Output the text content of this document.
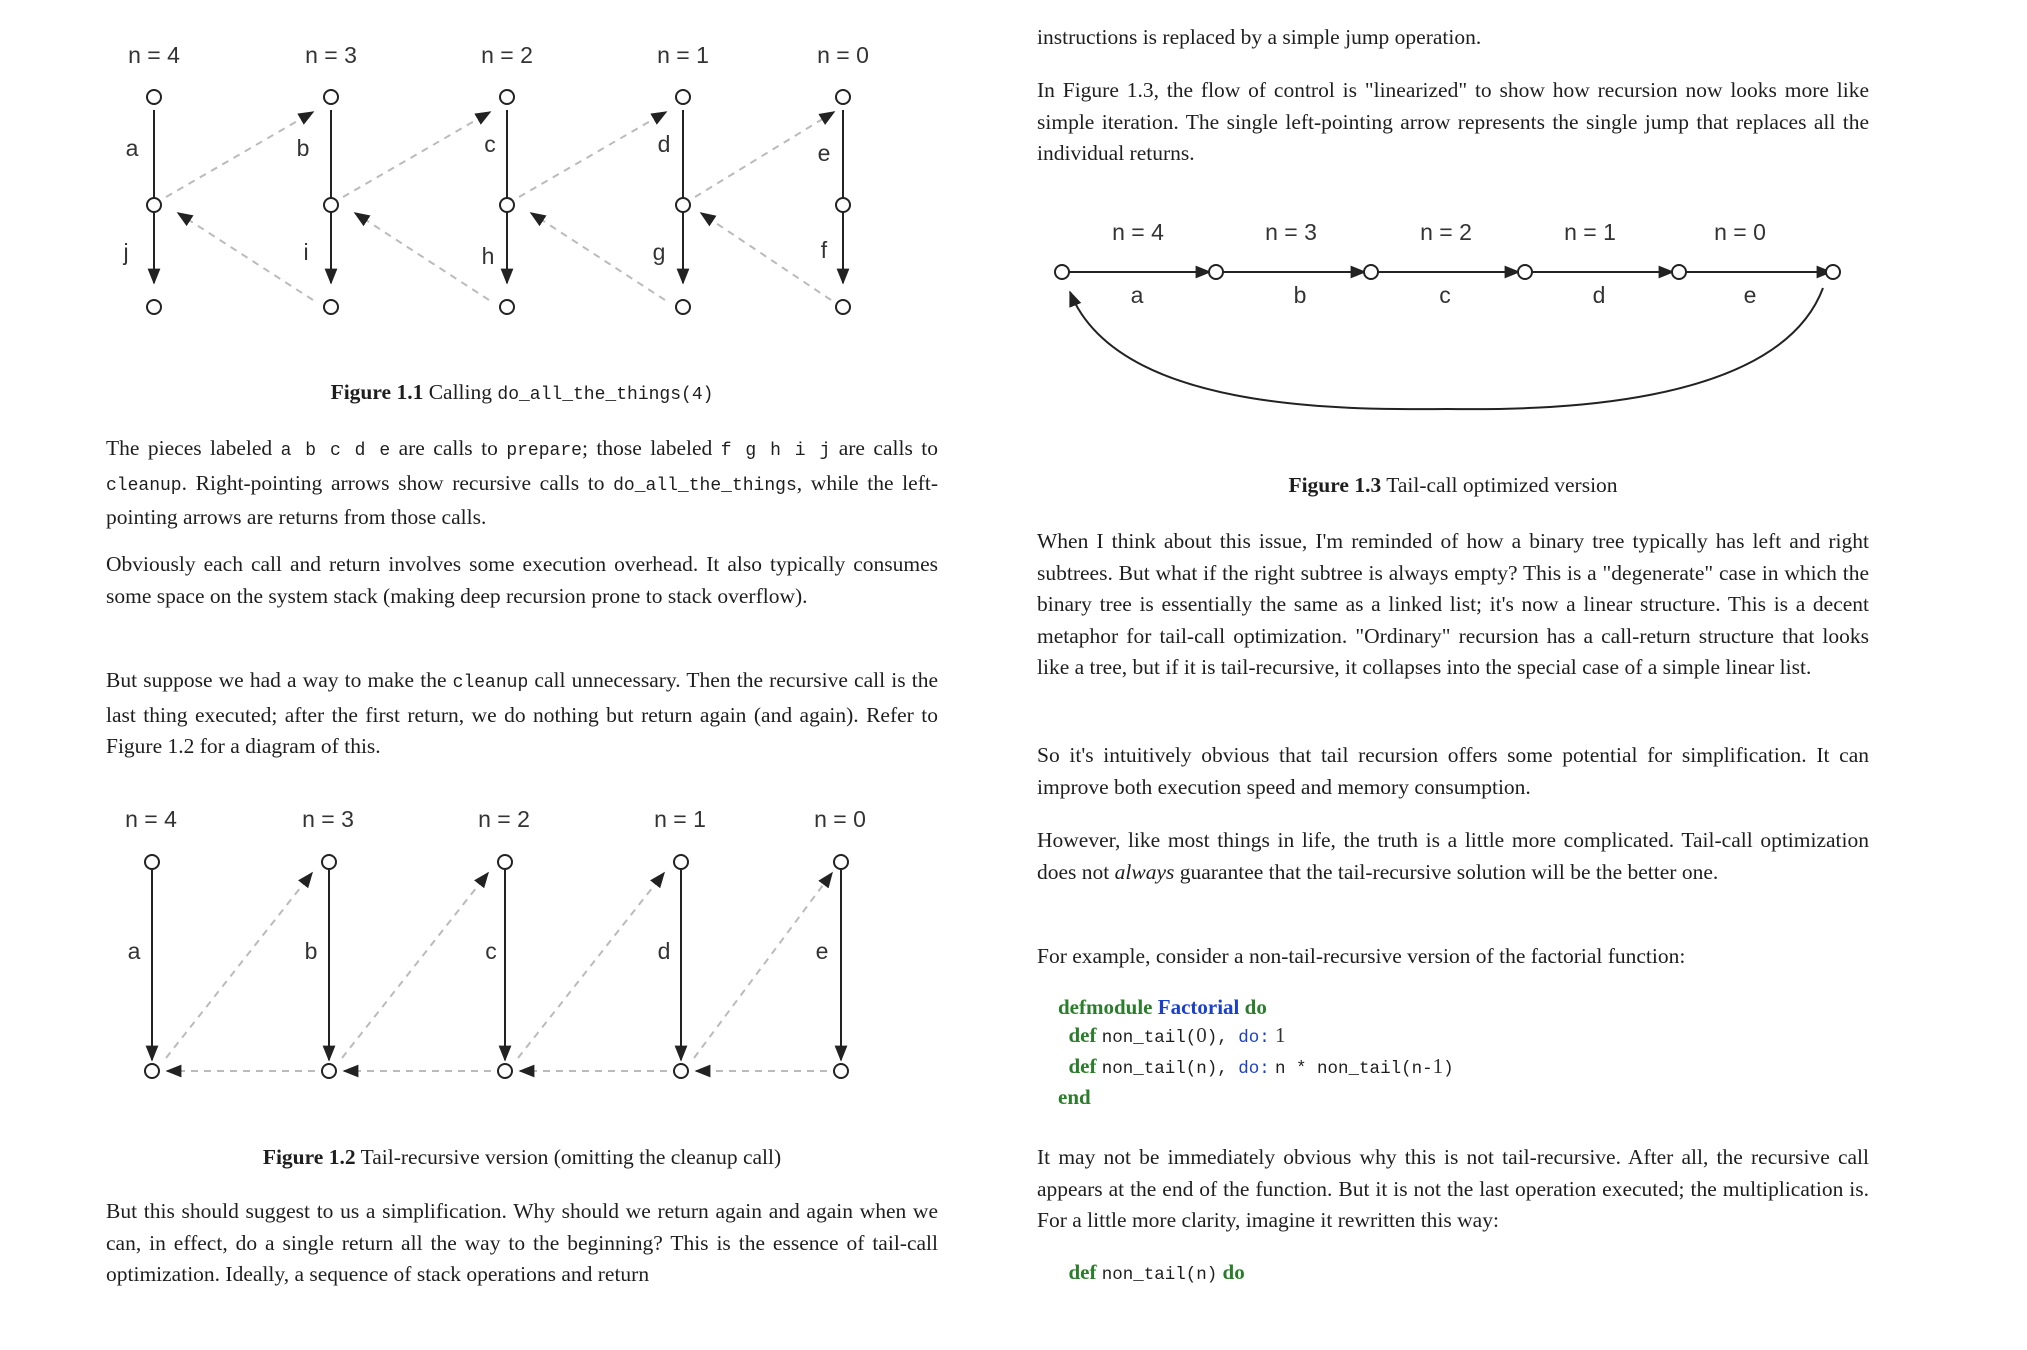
n = 4
a
j
n = 3
b
i
n = 2
c
h
n = 1
d
g
n = 0
e
f
Figure 1.1 Calling do_all_the_things(4)

The pieces labeled a b c d e are calls to prepare; those labeled f g h i j are calls to cleanup. Right-pointing arrows show recursive calls to do_all_the_things, while the left-pointing arrows are returns from those calls.

Obviously each call and return involves some execution overhead. It also typically consumes some space on the system stack (making deep recursion prone to stack overflow).

But suppose we had a way to make the cleanup call unnecessary. Then the recursive call is the last thing executed; after the first return, we do nothing but return again (and again). Refer to Figure 1.2 for a diagram of this.

n = 4	n = 3	n = 2	n = 1	n = 0
a	b	c	d	e
Figure 1.2 Tail-recursive version (omitting the cleanup call)

But this should suggest to us a simplification. Why should we return again and again when we can, in effect, do a single return all the way to the beginning? This is the essence of tail-call optimization. Ideally, a sequence of stack operations and return

instructions is replaced by a simple jump operation.

In Figure 1.3, the flow of control is "linearized" to show how recursion now looks more like simple iteration. The single left-pointing arrow represents the single jump that replaces all the individual returns.

n = 4	n = 3	n = 2	n = 1	n = 0
a	b	c	d	e
Figure 1.3 Tail-call optimized version

When I think about this issue, I'm reminded of how a binary tree typically has left and right subtrees. But what if the right subtree is always empty? This is a "degenerate" case in which the binary tree is essentially the same as a linked list; it's now a linear structure. This is a decent metaphor for tail-call optimization. "Ordinary" recursion has a call-return structure that looks like a tree, but if it is tail-recursive, it collapses into the special case of a simple linear list.

So it's intuitively obvious that tail recursion offers some potential for simplification. It can improve both execution speed and memory consumption.

However, like most things in life, the truth is a little more complicated. Tail-call optimization does not always guarantee that the tail-recursive solution will be the better one.

For example, consider a non-tail-recursive version of the factorial function:

defmodule Factorial do
def non_tail(0), do: 1
def non_tail(n), do: n * non_tail(n-1)
end

It may not be immediately obvious why this is not tail-recursive. After all, the recursive call appears at the end of the function. But it is not the last operation executed; the multiplication is. For a little more clarity, imagine it rewritten this way:

def non_tail(n) do
